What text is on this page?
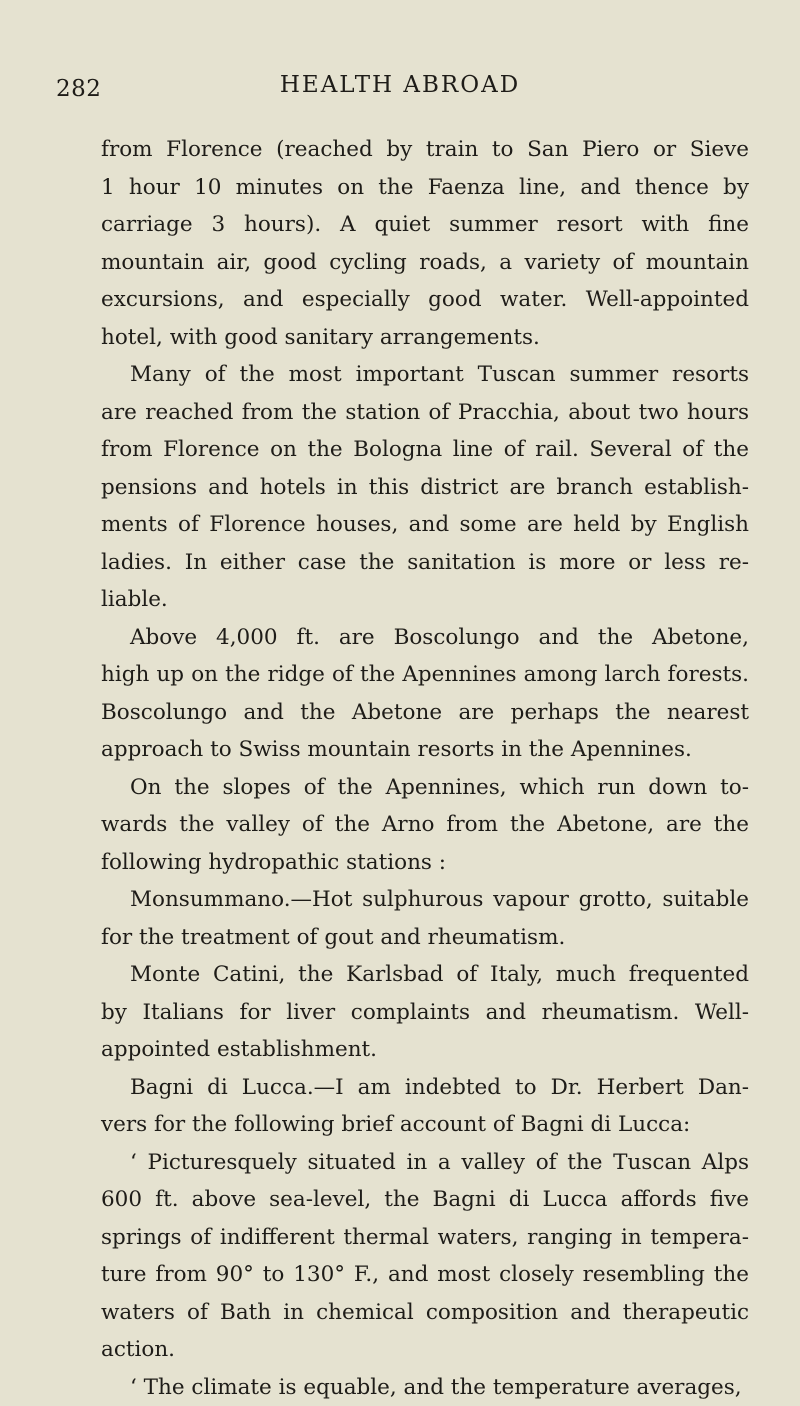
HEALTH ABROAD
282
from Florence (reached by train to San Piero or Sieve
1 hour 10 minutes on the Faenza line, and thence by
carriage 3 hours). A quiet summer resort with fine
mountain air, good cycling roads, a variety of mountain
excursions, and especially good water. Well-appointed
hotel, with good sanitary arrangements.
Many of the most important Tuscan summer resorts
are reached from the station of Pracchia, about two hours
from Florence on the Bologna line of rail. Several of the
pensions and hotels in this district are branch establish-
ments of Florence houses, and some are held by English
ladies. In either case the sanitation is more or less re-
liable.
Above 4,000 ft. are Boscolungo and the Abetone,
high up on the ridge of the Apennines among larch forests.
Boscolungo and the Abetone are perhaps the nearest
approach to Swiss mountain resorts in the Apennines.
On the slopes of the Apennines, which run down to-
wards the valley of the Arno from the Abetone, are the
following hydropathic stations :
Monsummano.—Hot sulphurous vapour grotto, suitable
for the treatment of gout and rheumatism.
Monte Catini, the Karlsbad of Italy, much frequented
by Italians for liver complaints and rheumatism. Well-
appointed establishment.
Bagni di Lucca.—I am indebted to Dr. Herbert Dan-
vers for the following brief account of Bagni di Lucca:
‘ Picturesquely situated in a valley of the Tuscan Alps
600 ft. above sea-level, the Bagni di Lucca affords five
springs of indifferent thermal waters, ranging in tempera-
ture from 90° to 130° F., and most closely resembling the
waters of Bath in chemical composition and therapeutic
action.
‘ The climate is equable, and the temperature averages,
